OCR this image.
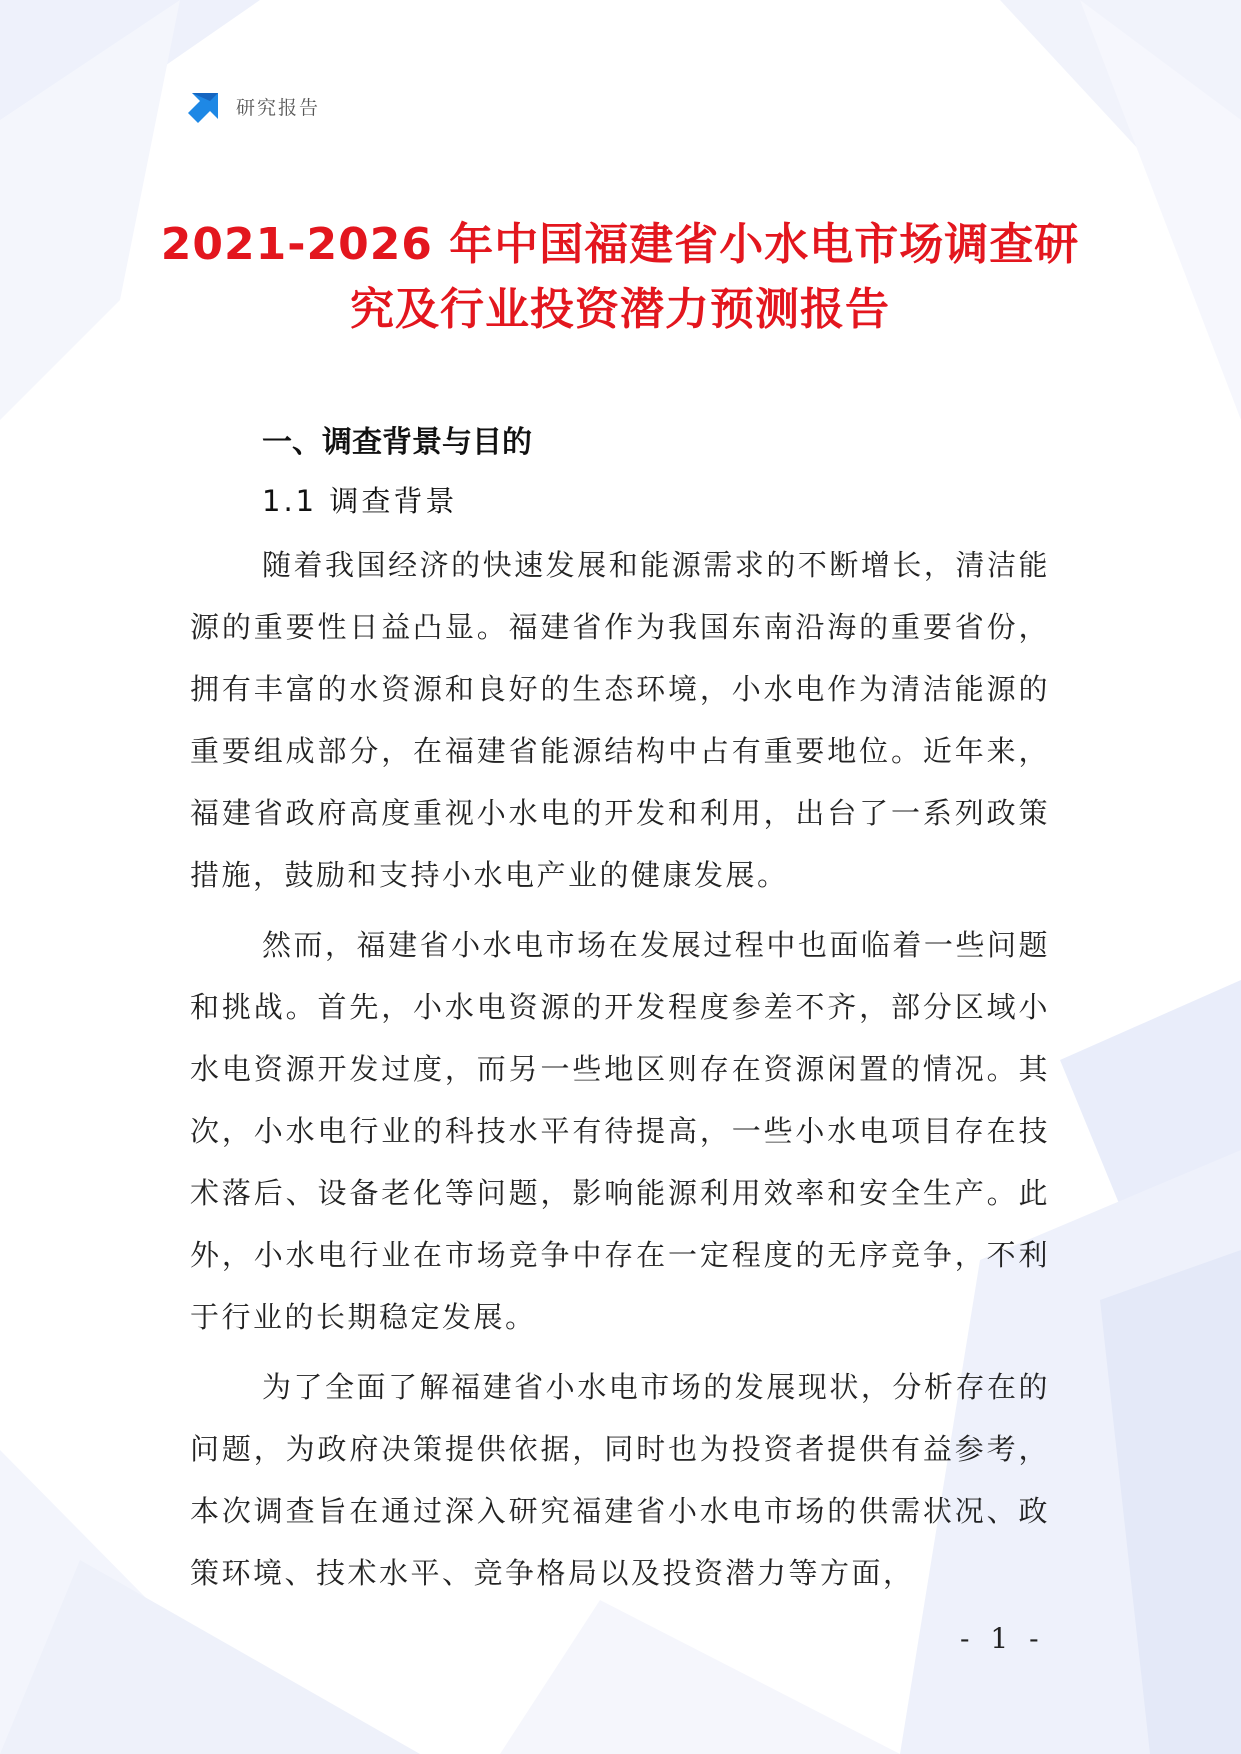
研究报告
2021-2026 年中国福建省小水电市场调查研究及行业投资潜力预测报告
一、调查背景与目的
1.1 调查背景

随着我国经济的快速发展和能源需求的不断增长，清洁能源的重要性日益凸显。福建省作为我国东南沿海的重要省份，拥有丰富的水资源和良好的生态环境，小水电作为清洁能源的重要组成部分，在福建省能源结构中占有重要地位。近年来，福建省政府高度重视小水电的开发和利用，出台了一系列政策措施，鼓励和支持小水电产业的健康发展。

然而，福建省小水电市场在发展过程中也面临着一些问题和挑战。首先，小水电资源的开发程度参差不齐，部分区域小水电资源开发过度，而另一些地区则存在资源闲置的情况。其次，小水电行业的科技水平有待提高，一些小水电项目存在技术落后、设备老化等问题，影响能源利用效率和安全生产。此外，小水电行业在市场竞争中存在一定程度的无序竞争，不利于行业的长期稳定发展。

为了全面了解福建省小水电市场的发展现状，分析存在的问题，为政府决策提供依据，同时也为投资者提供有益参考，本次调查旨在通过深入研究福建省小水电市场的供需状况、政策环境、技术水平、竞争格局以及投资潜力等方面，

- 1 -
